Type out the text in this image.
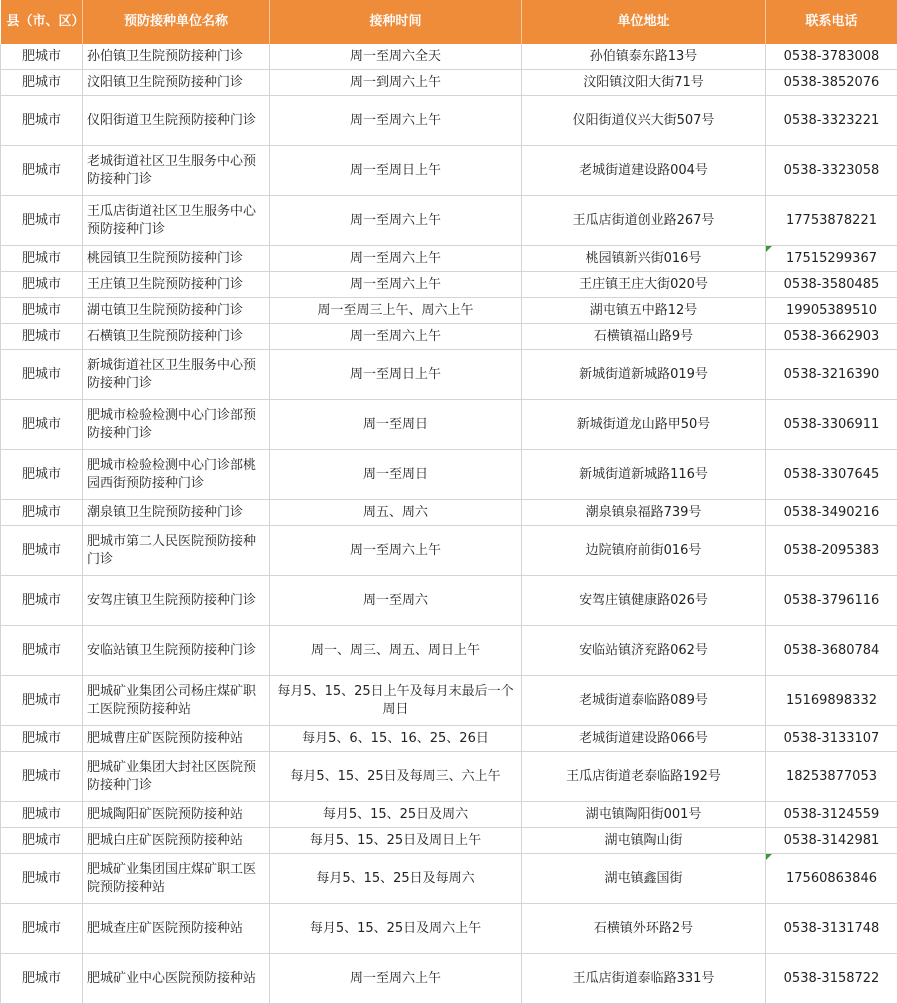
县（市、区）	预防接种单位名称	接种时间	单位地址	联系电话
肥城市	孙伯镇卫生院预防接种门诊	周一至周六全天	孙伯镇泰东路13号	0538-3783008
肥城市	汶阳镇卫生院预防接种门诊	周一到周六上午	汶阳镇汶阳大街71号	0538-3852076
肥城市	仪阳街道卫生院预防接种门诊	周一至周六上午	仪阳街道仪兴大街507号	0538-3323221
肥城市	老城街道社区卫生服务中心预防接种门诊	周一至周日上午	老城街道建设路004号	0538-3323058
肥城市	王瓜店街道社区卫生服务中心预防接种门诊	周一至周六上午	王瓜店街道创业路267号	17753878221
肥城市	桃园镇卫生院预防接种门诊	周一至周六上午	桃园镇新兴街016号	17515299367
肥城市	王庄镇卫生院预防接种门诊	周一至周六上午	王庄镇王庄大街020号	0538-3580485
肥城市	湖屯镇卫生院预防接种门诊	周一至周三上午、周六上午	湖屯镇五中路12号	19905389510
肥城市	石横镇卫生院预防接种门诊	周一至周六上午	石横镇福山路9号	0538-3662903
肥城市	新城街道社区卫生服务中心预防接种门诊	周一至周日上午	新城街道新城路019号	0538-3216390
肥城市	肥城市检验检测中心门诊部预防接种门诊	周一至周日	新城街道龙山路甲50号	0538-3306911
肥城市	肥城市检验检测中心门诊部桃园西街预防接种门诊	周一至周日	新城街道新城路116号	0538-3307645
肥城市	潮泉镇卫生院预防接种门诊	周五、周六	潮泉镇泉福路739号	0538-3490216
肥城市	肥城市第二人民医院预防接种门诊	周一至周六上午	边院镇府前街016号	0538-2095383
肥城市	安驾庄镇卫生院预防接种门诊	周一至周六	安驾庄镇健康路026号	0538-3796116
肥城市	安临站镇卫生院预防接种门诊	周一、周三、周五、周日上午	安临站镇济兖路062号	0538-3680784
肥城市	肥城矿业集团公司杨庄煤矿职工医院预防接种站	每月5、15、25日上午及每月末最后一个周日	老城街道泰临路089号	15169898332
肥城市	肥城曹庄矿医院预防接种站	每月5、6、15、16、25、26日	老城街道建设路066号	0538-3133107
肥城市	肥城矿业集团大封社区医院预防接种门诊	每月5、15、25日及每周三、六上午	王瓜店街道老泰临路192号	18253877053
肥城市	肥城陶阳矿医院预防接种站	每月5、15、25日及周六	湖屯镇陶阳街001号	0538-3124559
肥城市	肥城白庄矿医院预防接种站	每月5、15、25日及周日上午	湖屯镇陶山街	0538-3142981
肥城市	肥城矿业集团国庄煤矿职工医院预防接种站	每月5、15、25日及每周六	湖屯镇鑫国街	17560863846
肥城市	肥城查庄矿医院预防接种站	每月5、15、25日及周六上午	石横镇外环路2号	0538-3131748
肥城市	肥城矿业中心医院预防接种站	周一至周六上午	王瓜店街道泰临路331号	0538-3158722
